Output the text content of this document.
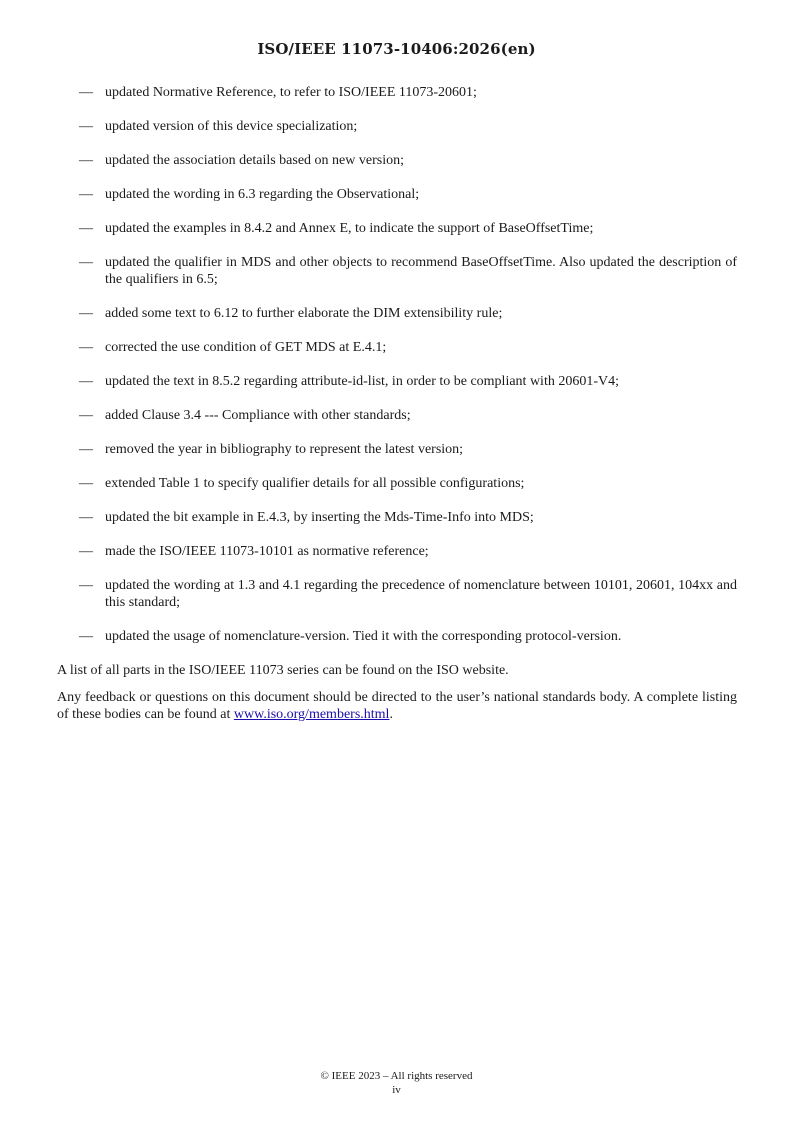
ISO/IEEE 11073-10406:2026(en)
— updated Normative Reference, to refer to ISO/IEEE 11073-20601;
— updated version of this device specialization;
— updated the association details based on new version;
— updated the wording in 6.3 regarding the Observational;
— updated the examples in 8.4.2 and Annex E, to indicate the support of BaseOffsetTime;
— updated the qualifier in MDS and other objects to recommend BaseOffsetTime. Also updated the description of the qualifiers in 6.5;
— added some text to 6.12 to further elaborate the DIM extensibility rule;
— corrected the use condition of GET MDS at E.4.1;
— updated the text in 8.5.2 regarding attribute-id-list, in order to be compliant with 20601-V4;
— added Clause 3.4 --- Compliance with other standards;
— removed the year in bibliography to represent the latest version;
— extended Table 1 to specify qualifier details for all possible configurations;
— updated the bit example in E.4.3, by inserting the Mds-Time-Info into MDS;
— made the ISO/IEEE 11073-10101 as normative reference;
— updated the wording at 1.3 and 4.1 regarding the precedence of nomenclature between 10101, 20601, 104xx and this standard;
— updated the usage of nomenclature-version. Tied it with the corresponding protocol-version.

A list of all parts in the ISO/IEEE 11073 series can be found on the ISO website.

Any feedback or questions on this document should be directed to the user’s national standards body. A complete listing of these bodies can be found at www.iso.org/members.html.

© IEEE 2023 – All rights reserved
iv
